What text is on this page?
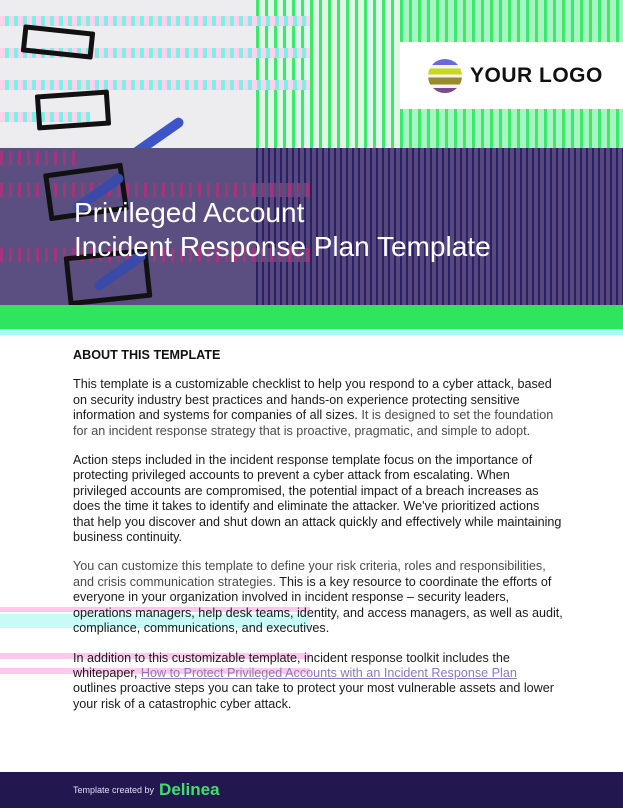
YOUR LOGO
Privileged Account
Incident Response Plan Template
ABOUT THIS TEMPLATE

This template is a customizable checklist to help you respond to a cyber attack, based on security industry best practices and hands-on experience protecting sensitive information and systems for companies of all sizes. It is designed to set the foundation for an incident response strategy that is proactive, pragmatic, and simple to adopt.

Action steps included in the incident response template focus on the importance of protecting privileged accounts to prevent a cyber attack from escalating. When privileged accounts are compromised, the potential impact of a breach increases as does the time it takes to identify and eliminate the attacker. We've prioritized actions that help you discover and shut down an attack quickly and effectively while maintaining business continuity.

You can customize this template to define your risk criteria, roles and responsibilities, and crisis communication strategies. This is a key resource to coordinate the efforts of everyone in your organization involved in incident response – security leaders, operations managers, help desk teams, identity, and access managers, as well as audit, compliance, communications, and executives.

In addition to this customizable template, incident response toolkit includes the whitepaper, How to Protect Privileged Accounts with an Incident Response Plan outlines proactive steps you can take to protect your most vulnerable assets and lower your risk of a catastrophic cyber attack.

Template created by Delinea
